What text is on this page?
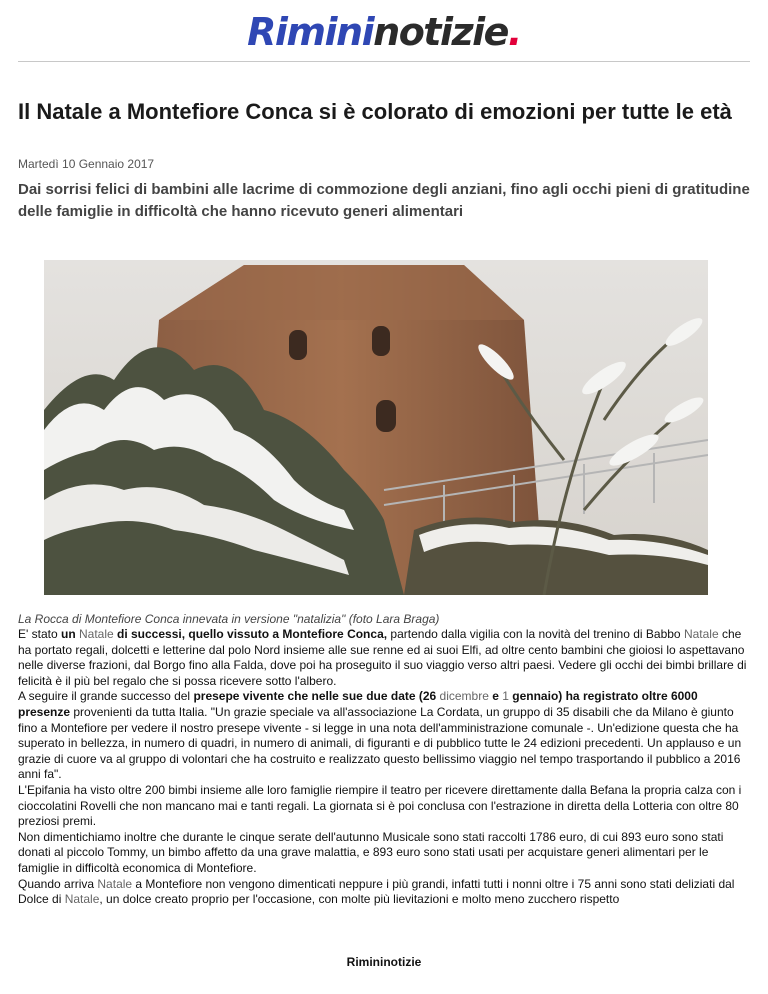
Rimininotizie.
Il Natale a Montefiore Conca si è colorato di emozioni per tutte le età
Martedì 10 Gennaio 2017
Dai sorrisi felici di bambini alle lacrime di commozione degli anziani, fino agli occhi pieni di gratitudine delle famiglie in difficoltà che hanno ricevuto generi alimentari
La Rocca di Montefiore Conca innevata in versione "natalizia" (foto Lara Braga)

E' stato un Natale di successi, quello vissuto a Montefiore Conca, partendo dalla vigilia con la novità del trenino di Babbo Natale che ha portato regali, dolcetti e letterine dal polo Nord insieme alle sue renne ed ai suoi Elfi, ad oltre cento bambini che gioiosi lo aspettavano nelle diverse frazioni, dal Borgo fino alla Falda, dove poi ha proseguito il suo viaggio verso altri paesi. Vedere gli occhi dei bimbi brillare di felicità è il più bel regalo che si possa ricevere sotto l'albero.

A seguire il grande successo del presepe vivente che nelle sue due date (26 dicembre e 1 gennaio) ha registrato oltre 6000 presenze provenienti da tutta Italia. "Un grazie speciale va all'associazione La Cordata, un gruppo di 35 disabili che da Milano è giunto fino a Montefiore per vedere il nostro presepe vivente - si legge in una nota dell'amministrazione comunale -. Un'edizione questa che ha superato in bellezza, in numero di quadri, in numero di animali, di figuranti e di pubblico tutte le 24 edizioni precedenti. Un applauso e un grazie di cuore va al gruppo di volontari che ha costruito e realizzato questo bellissimo viaggio nel tempo trasportando il pubblico a 2016 anni fa".

L'Epifania ha visto oltre 200 bimbi insieme alle loro famiglie riempire il teatro per ricevere direttamente dalla Befana la propria calza con i cioccolatini Rovelli che non mancano mai e tanti regali. La giornata si è poi conclusa con l'estrazione in diretta della Lotteria con oltre 80 preziosi premi.

Non dimentichiamo inoltre che durante le cinque serate dell'autunno Musicale sono stati raccolti 1786 euro, di cui 893 euro sono stati donati al piccolo Tommy, un bimbo affetto da una grave malattia, e 893 euro sono stati usati per acquistare generi alimentari per le famiglie in difficoltà economica di Montefiore.

Quando arriva Natale a Montefiore non vengono dimenticati neppure i più grandi, infatti tutti i nonni oltre i 75 anni sono stati deliziati dal Dolce di Natale, un dolce creato proprio per l'occasione, con molte più lievitazioni e molto meno zucchero rispetto

Rimininotizie
